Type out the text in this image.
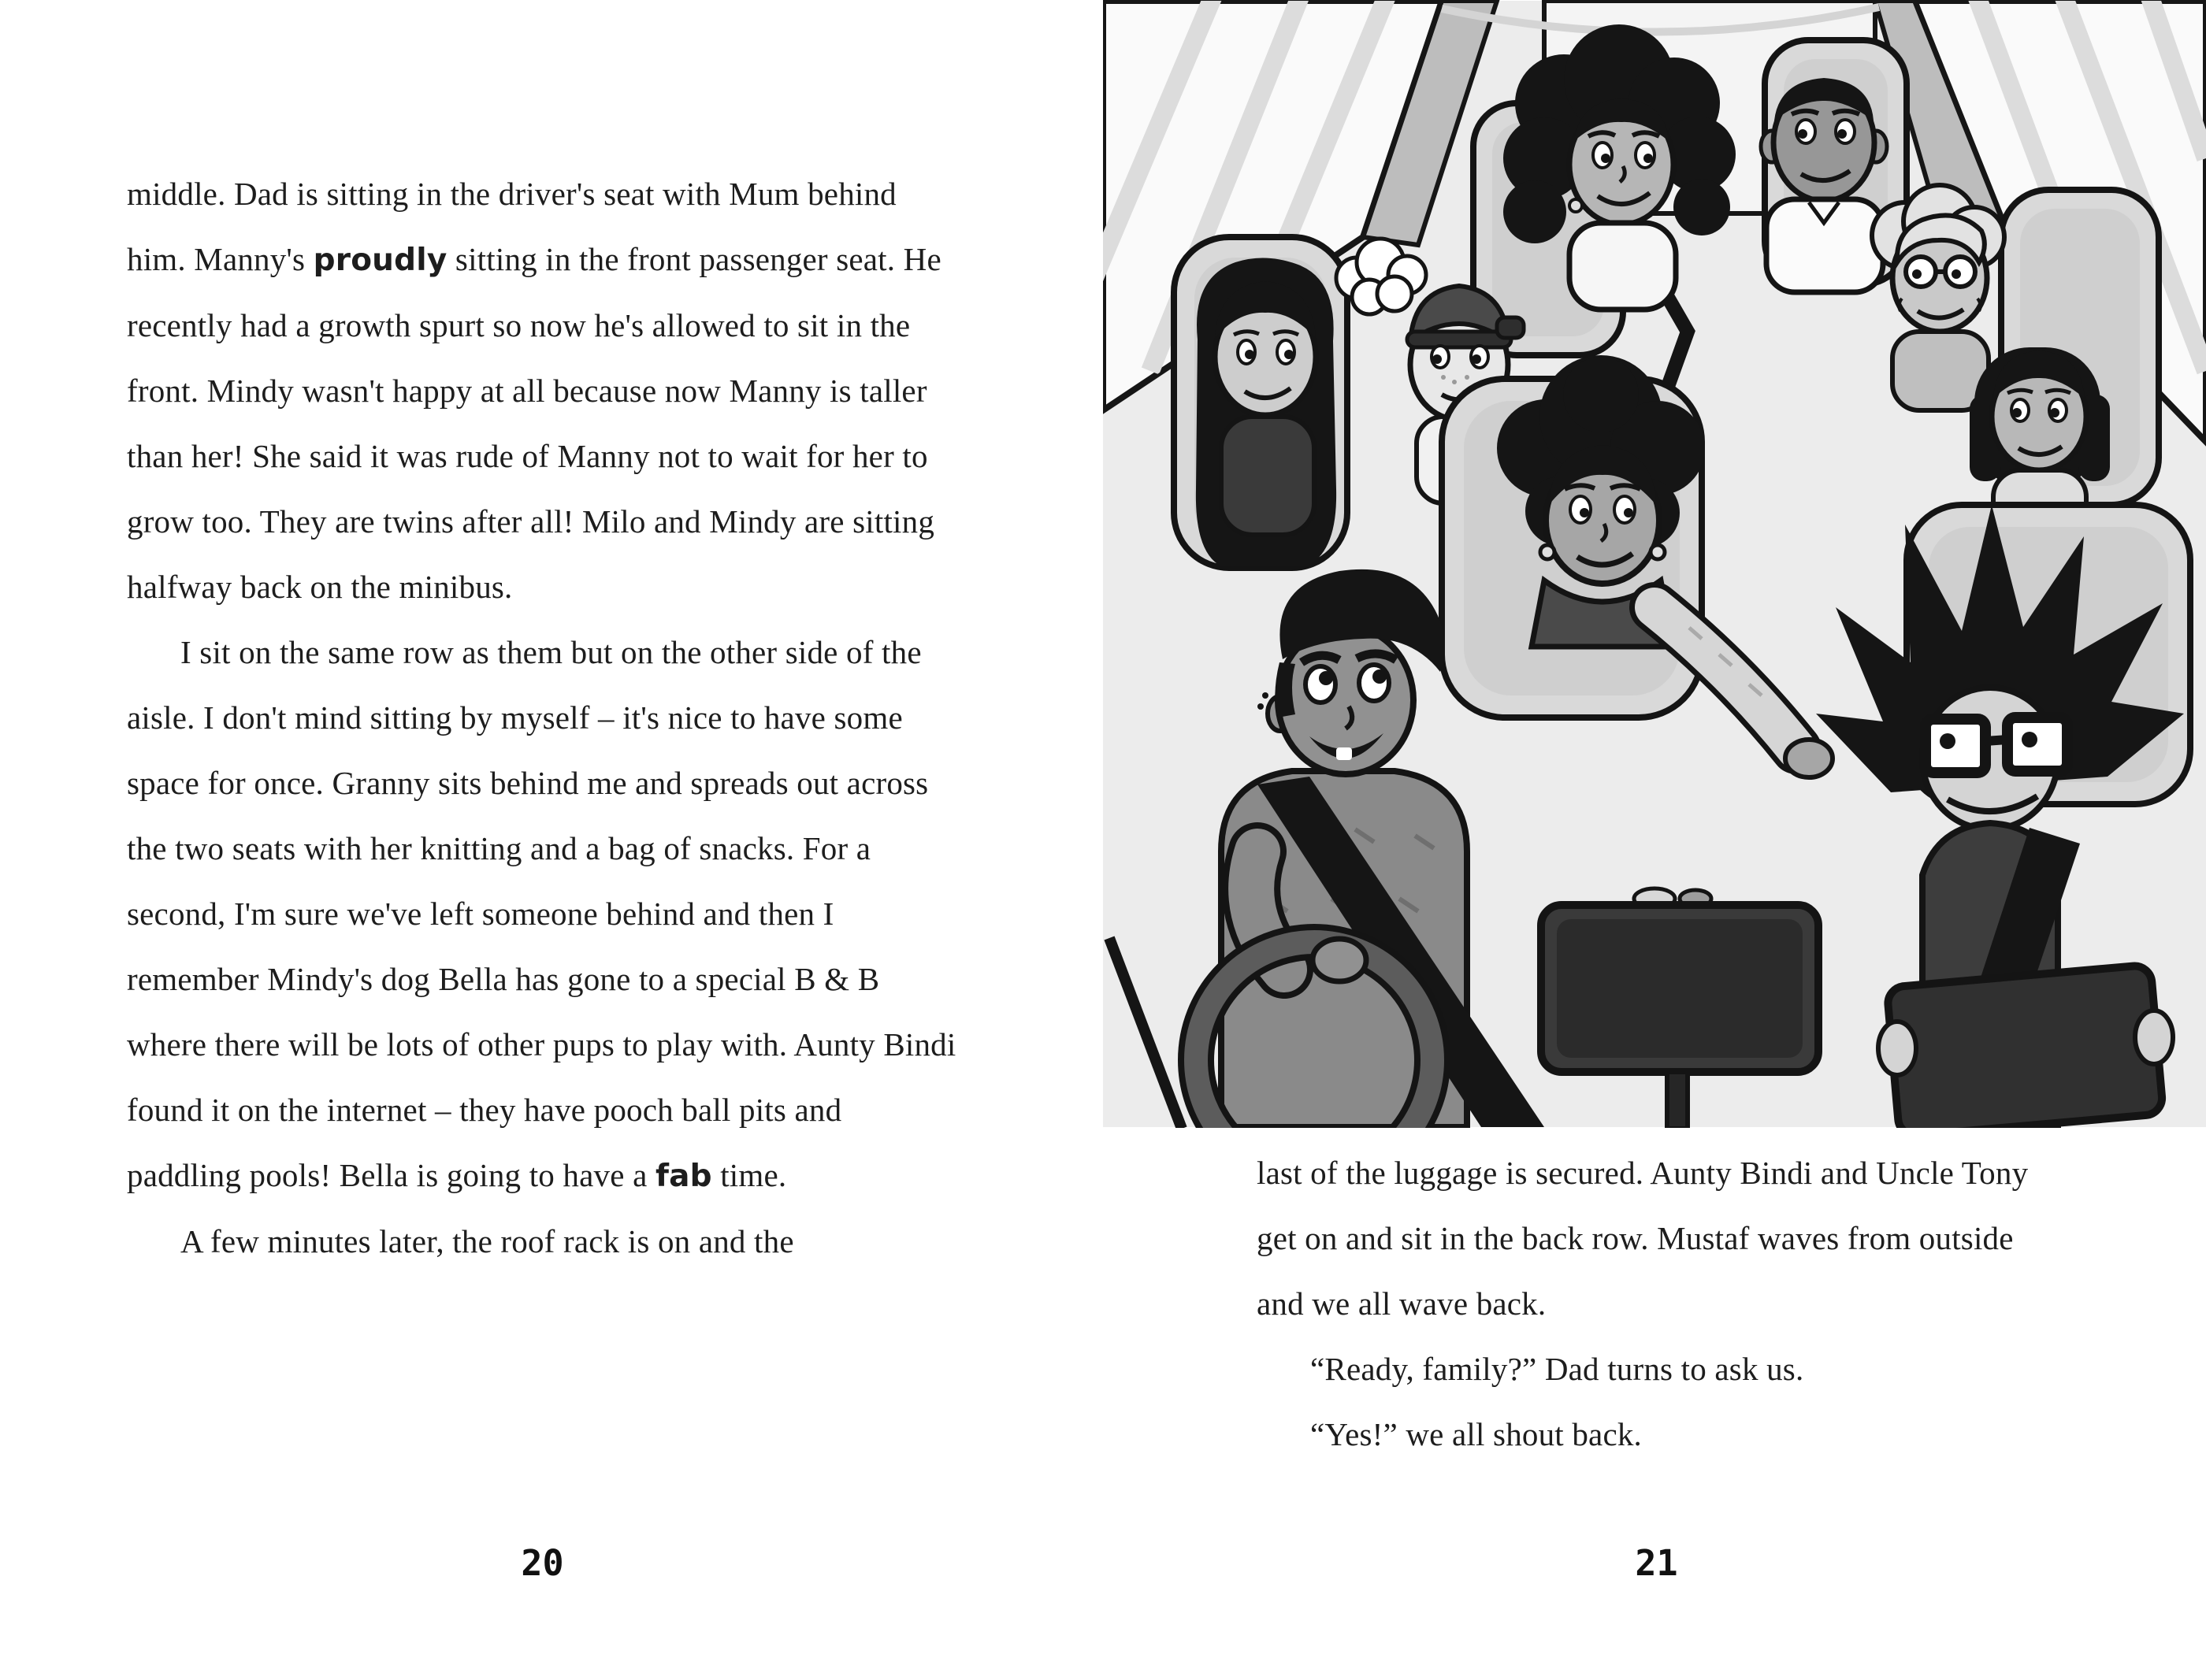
middle. Dad is sitting in the driver's seat with Mum behind him. Manny's proudly sitting in the front passenger seat. He recently had a growth spurt so now he's allowed to sit in the front. Mindy wasn't happy at all because now Manny is taller than her! She said it was rude of Manny not to wait for her to grow too. They are twins after all! Milo and Mindy are sitting halfway back on the minibus.

I sit on the same row as them but on the other side of the aisle. I don't mind sitting by myself – it's nice to have some space for once. Granny sits behind me and spreads out across the two seats with her knitting and a bag of snacks. For a second, I'm sure we've left someone behind and then I remember Mindy's dog Bella has gone to a special B & B where there will be lots of other pups to play with. Aunty Bindi found it on the internet – they have pooch ball pits and paddling pools! Bella is going to have a fab time.

A few minutes later, the roof rack is on and the

last of the luggage is secured. Aunty Bindi and Uncle Tony get on and sit in the back row. Mustaf waves from outside and we all wave back.

“Ready, family?” Dad turns to ask us.

“Yes!” we all shout back.

20	21
